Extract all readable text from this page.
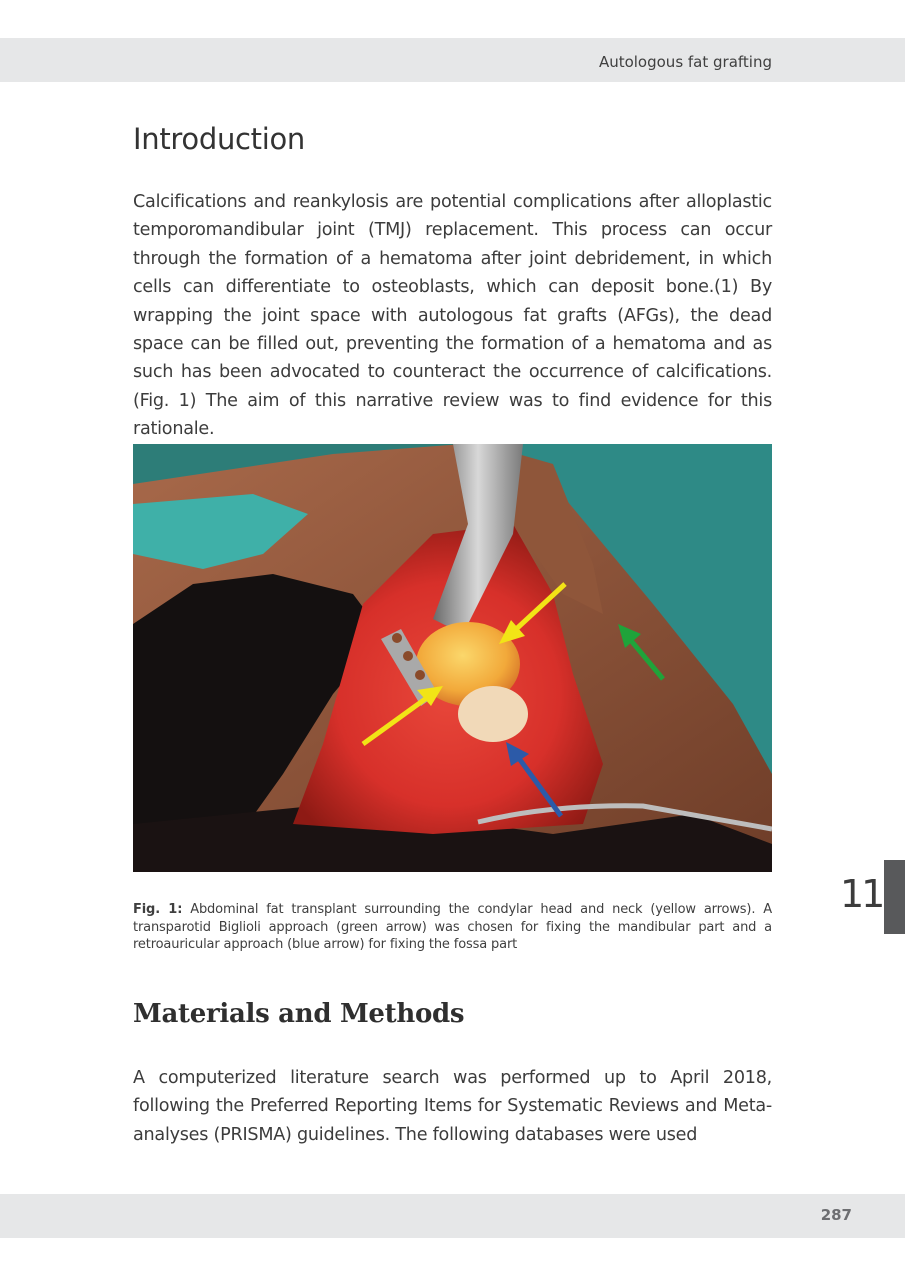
Autologous fat grafting
Introduction

Calcifications and reankylosis are potential complications after alloplastic temporomandibular joint (TMJ) replacement. This process can occur through the formation of a hematoma after joint debridement, in which cells can differentiate to osteoblasts, which can deposit bone.(1) By wrapping the joint space with autologous fat grafts (AFGs), the dead space can be filled out, preventing the formation of a hematoma and as such has been advocated to counteract the occurrence of calcifications.(Fig. 1) The aim of this narrative review was to find evidence for this rationale.

Fig. 1: Abdominal fat transplant surrounding the condylar head and neck (yellow arrows). A transparotid Biglioli approach (green arrow) was chosen for fixing the mandibular part and a retroauricular approach (blue arrow) for fixing the fossa part

11
Materials and Methods

A computerized literature search was performed up to April 2018, following the Preferred Reporting Items for Systematic Reviews and Meta-analyses (PRISMA) guidelines. The following databases were used

287
